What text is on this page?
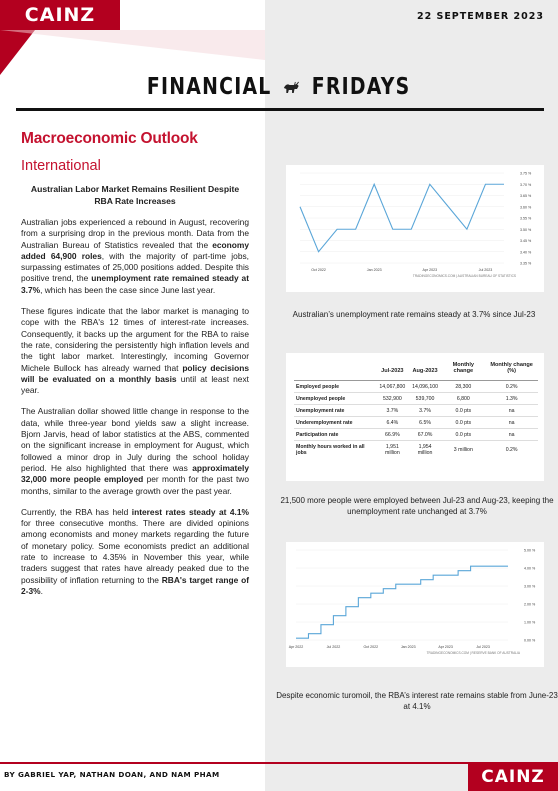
CAINZ	22 SEPTEMBER 2023
FINANCIAL FRIDAYS
Macroeconomic Outlook
International
Australian Labor Market Remains Resilient Despite RBA Rate Increases

Australian jobs experienced a rebound in August, recovering from a surprising drop in the previous month. Data from the Australian Bureau of Statistics revealed that the economy added 64,900 roles, with the majority of part-time jobs, surpassing estimates of 25,000 positions added. Despite this positive trend, the unemployment rate remained steady at 3.7%, which has been the case since June last year.

These figures indicate that the labor market is managing to cope with the RBA's 12 times of interest-rate increases. Consequently, it backs up the argument for the RBA to raise the rate, considering the persistently high inflation levels and the tight labor market. Interestingly, incoming Governor Michele Bullock has already warned that policy decisions will be evaluated on a monthly basis until at least next year.

The Australian dollar showed little change in response to the data, while three-year bond yields saw a slight increase. Bjorn Jarvis, head of labor statistics at the ABS, commented on the significant increase in employment for August, which followed a minor drop in July during the school holiday period. He also highlighted that there was approximately 32,000 more people employed per month for the past two months, similar to the average growth over the past year.

Currently, the RBA has held interest rates steady at 4.1% for three consecutive months. There are divided opinions among economists and money markets regarding the future of monetary policy. Some economists predict an additional rate to increase to 4.35% in November this year, while traders suggest that rates have already peaked due to the possibility of inflation returning to the RBA's target range of 2-3%.

3.35 %
3.40 %
3.45 %
3.50 %
3.55 %
3.60 %
3.65 %
3.70 %
3.75 %
Oct 2022	Jan 2023	Apr 2023	Jul 2023
TRADINGECONOMICS.COM | AUSTRALIAN BUREAU OF STATISTICS
Australian’s unemployment rate remains steady at 3.7% since Jul-23
	Jul-2023	Aug-2023	Monthly change	Monthly change (%)
Employed people	14,067,800	14,096,100	28,300	0.2%
Unemployed people	532,900	539,700	6,800	1.3%
Unemployment rate	3.7%	3.7%	0.0 pts	na
Underemployment rate	6.4%	6.5%	0.0 pts	na
Participation rate	66.9%	67.0%	0.0 pts	na
Monthly hours worked in all jobs	1,951 million	1,954 million	3 million	0.2%
21,500 more people were employed between Jul-23 and Aug-23, keeping the unemployment rate unchanged at 3.7%
0.00 %
1.00 %
2.00 %
3.00 %
4.00 %
5.00 %
Apr 2022	Jul 2022	Oct 2022	Jan 2023	Apr 2023	Jul 2023
TRADINGECONOMICS.COM | RESERVE BANK OF AUSTRALIA
Despite economic turomoil, the RBA’s interest rate remains stable from June-23 at 4.1%
BY GABRIEL YAP, NATHAN DOAN, AND NAM PHAM	CAINZ
